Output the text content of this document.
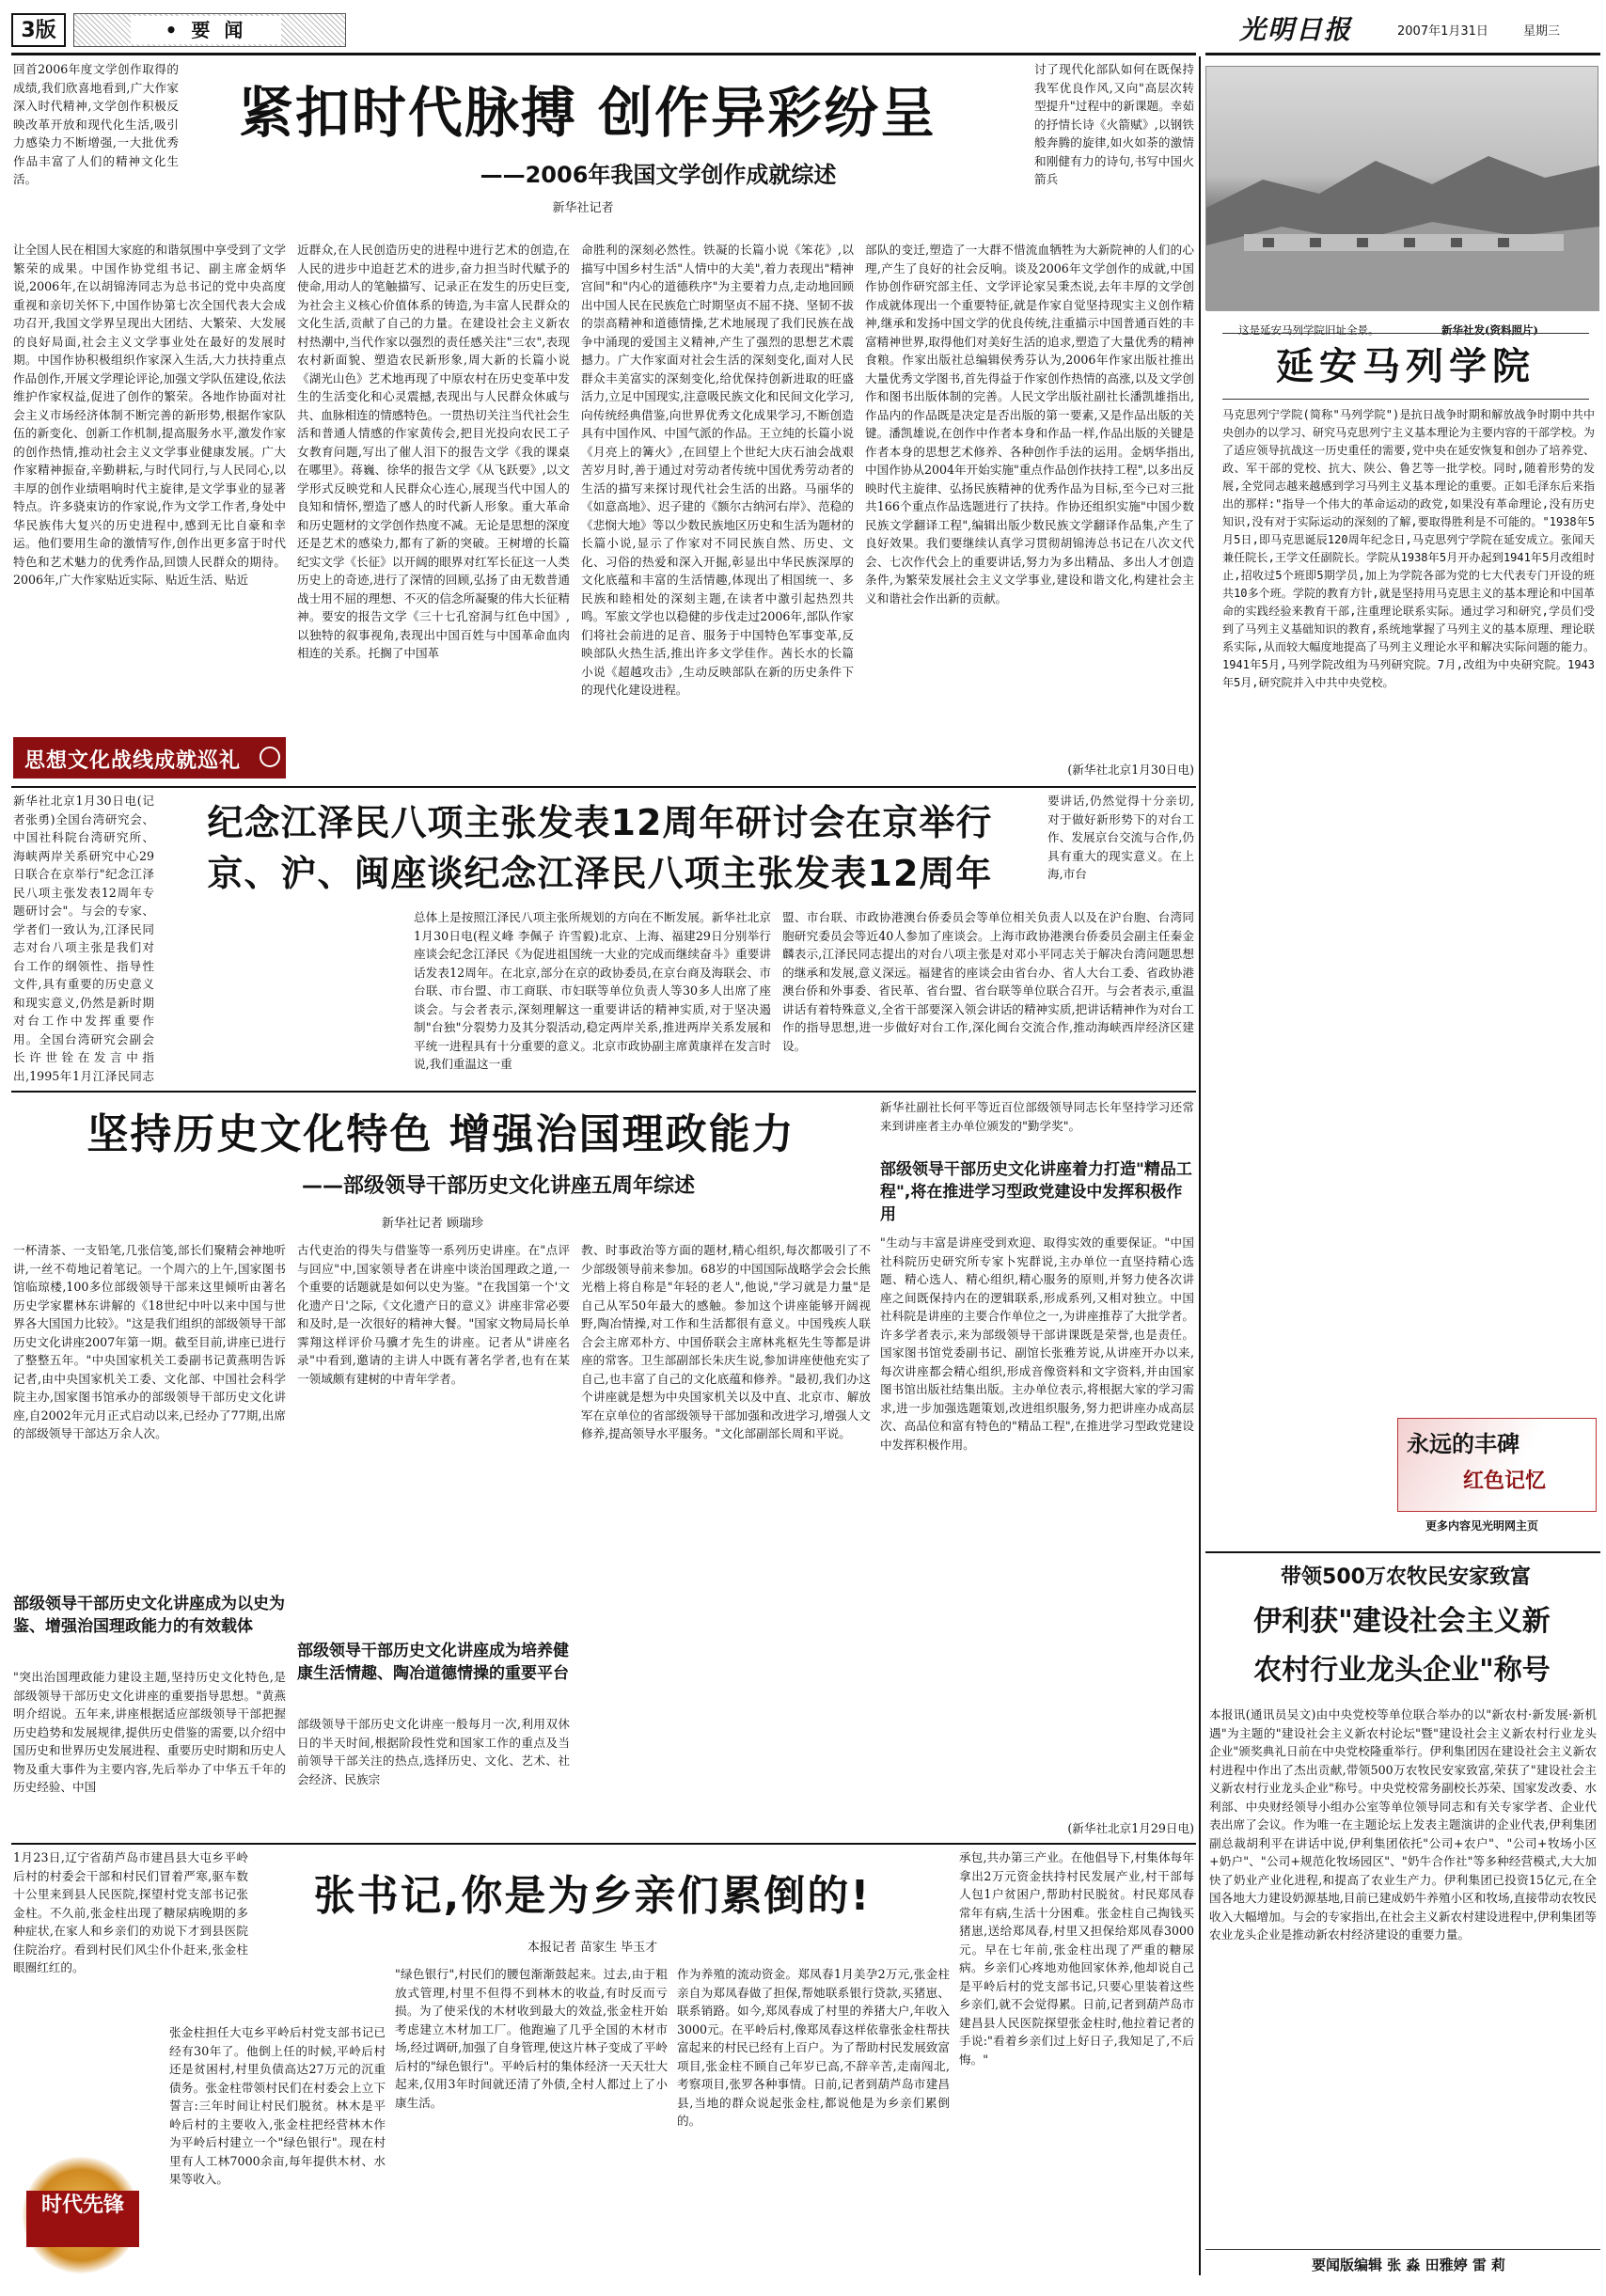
3版	• 要 闻	光明日报	2007年1月31日	星期三
回首2006年度文学创作取得的成绩,我们欣喜地看到,广大作家深入时代精神,文学创作积极反映改革开放和现代化生活,吸引力感染力不断增强,一大批优秀作品丰富了人们的精神文化生活。
紧扣时代脉搏 创作异彩纷呈
——2006年我国文学创作成就综述
新华社记者
讨了现代化部队如何在既保持我军优良作风,又向"高层次转型提升"过程中的新课题。幸茹的抒情长诗《火箭赋》,以钢铁般奔腾的旋律,如火如荼的激情和刚健有力的诗句,书写中国火箭兵
让全国人民在相国大家庭的和谐氛围中享受到了文学繁荣的成果。中国作协党组书记、副主席金炳华说,2006年,在以胡锦涛同志为总书记的党中央高度重视和亲切关怀下,中国作协第七次全国代表大会成功召开,我国文学界呈现出大团结、大繁荣、大发展的良好局面,社会主义文学事业处在最好的发展时期。中国作协积极组织作家深入生活,大力扶持重点作品创作,开展文学理论评论,加强文学队伍建设,依法维护作家权益,促进了创作的繁荣。各地作协面对社会主义市场经济体制不断完善的新形势,根据作家队伍的新变化、创新工作机制,提高服务水平,激发作家的创作热情,推动社会主义文学事业健康发展。广大作家精神振奋,辛勤耕耘,与时代同行,与人民同心,以丰厚的创作业绩唱响时代主旋律,是文学事业的显著特点。许多骁束访的作家说,作为文学工作者,身处中华民族伟大复兴的历史进程中,感到无比自豪和幸运。他们要用生命的激情写作,创作出更多富于时代特色和艺术魅力的优秀作品,回馈人民群众的期待。2006年,广大作家贴近实际、贴近生活、贴近
近群众,在人民创造历史的进程中进行艺术的创造,在人民的进步中追赶艺术的进步,奋力担当时代赋予的使命,用动人的笔触描写、记录正在发生的历史巨变,为社会主义核心价值体系的铸造,为丰富人民群众的文化生活,贡献了自己的力量。在建设社会主义新农村热潮中,当代作家以强烈的责任感关注"三农",表现农村新面貌、塑造农民新形象,周大新的长篇小说《湖光山色》艺术地再现了中原农村在历史变革中发生的生活变化和心灵震撼,表现出与人民群众休戚与共、血脉相连的情感特色。一贯热切关注当代社会生活和普通人情感的作家黄传会,把目光投向农民工子女教育问题,写出了催人泪下的报告文学《我的课桌在哪里》。蒋巍、徐华的报告文学《从飞跃要》,以文学形式反映党和人民群众心连心,展现当代中国人的良知和情怀,塑造了感人的时代新人形象。重大革命和历史题材的文学创作热度不减。无论是思想的深度还是艺术的感染力,都有了新的突破。王树增的长篇纪实文学《长征》以开阔的眼界对红军长征这一人类历史上的奇迹,进行了深情的回顾,弘扬了由无数普通战士用不屈的理想、不灭的信念所凝聚的伟大长征精神。要安的报告文学《三十七孔窑洞与红色中国》,以独特的叙事视角,表现出中国百姓与中国革命血肉相连的关系。托搁了中国革
命胜利的深刻必然性。铁凝的长篇小说《笨花》,以描写中国乡村生活"人情中的大美",着力表现出"精神宫间"和"内心的道德秩序"为主要着力点,走动地回顾出中国人民在民族危亡时期坚贞不屈不挠、坚韧不拔的崇高精神和道德情操,艺术地展现了我们民族在战争中涌现的爱国主义精神,产生了强烈的思想艺术震撼力。广大作家面对社会生活的深刻变化,面对人民群众丰美富实的深刻变化,给优保持创新进取的旺盛活力,立足中国现实,注意吸民族文化和民间文化学习,向传统经典借鉴,向世界优秀文化成果学习,不断创造具有中国作风、中国气派的作品。王立纯的长篇小说《月亮上的篝火》,在回望上个世纪大庆石油会战艰苦岁月时,善于通过对劳动者传统中国优秀劳动者的生活的描写来探讨现代社会生活的出路。马丽华的《如意高地》、迟子建的《额尔古纳河右岸》、范稳的《悲悯大地》等以少数民族地区历史和生活为题材的长篇小说,显示了作家对不同民族自然、历史、文化、习俗的热爱和深入开掘,彰显出中华民族深厚的文化底蕴和丰富的生活情趣,体现出了相国统一、多民族和睦相处的深刻主题,在读者中激引起热烈共鸣。军旅文学也以稳健的步伐走过2006年,部队作家们将社会前进的足音、服务于中国特色军事变革,反映部队火热生活,推出许多文学佳作。茜长水的长篇小说《超越攻击》,生动反映部队在新的历史条件下的现代化建设进程。
部队的变迁,塑造了一大群不惜流血牺牲为大新院神的人们的心理,产生了良好的社会反响。谈及2006年文学创作的成就,中国作协创作研究部主任、文学评论家吴秉杰说,去年丰厚的文学创作成就体现出一个重要特征,就是作家自觉坚持现实主义创作精神,继承和发扬中国文学的优良传统,注重描示中国普通百姓的丰富精神世界,取得他们对美好生活的追求,塑造了大量优秀的精神食粮。作家出版社总编辑侯秀芬认为,2006年作家出版社推出大量优秀文学图书,首先得益于作家创作热情的高涨,以及文学创作和图书出版体制的完善。人民文学出版社副社长潘凯雄指出,作品内的作品既是决定是否出版的第一要素,又是作品出版的关键。潘凯雄说,在创作中作者本身和作品一样,作品出版的关键是作者本身的思想艺术修养、各种创作手法的运用。金炳华指出,中国作协从2004年开始实施"重点作品创作扶持工程",以多出反映时代主旋律、弘扬民族精神的优秀作品为目标,至今已对三批共166个重点作品选题进行了扶持。作协还组织实施"中国少数民族文学翻译工程",编辑出版少数民族文学翻译作品集,产生了良好效果。我们要继续认真学习贯彻胡锦涛总书记在八次文代会、七次作代会上的重要讲话,努力为多出精品、多出人才创造条件,为繁荣发展社会主义文学事业,建设和谐文化,构建社会主义和谐社会作出新的贡献。
(新华社北京1月30日电)
思想文化战线成就巡礼
新华社北京1月30日电(记者张勇)全国台湾研究会、中国社科院台湾研究所、海峡两岸关系研究中心29日联合在京举行"纪念江泽民八项主张发表12周年专题研讨会"。与会的专家、学者们一致认为,江泽民同志对台八项主张是我们对台工作的纲领性、指导性文件,具有重要的历史意义和现实意义,仍然是新时期对台工作中发挥重要作用。全国台湾研究会副会长许世铨在发言中指出,1995年1月江泽民同志
纪念江泽民八项主张发表12周年研讨会在京举行
京、沪、闽座谈纪念江泽民八项主张发表12周年
要讲话,仍然觉得十分亲切,对于做好新形势下的对台工作、发展京台交流与合作,仍具有重大的现实意义。在上海,市台
总体上是按照江泽民八项主张所规划的方向在不断发展。新华社北京1月30日电(程义峰 李佩子 许雪毅)北京、上海、福建29日分别举行座谈会纪念江泽民《为促进祖国统一大业的完成而继续奋斗》重要讲话发表12周年。在北京,部分在京的政协委员,在京台商及海联会、市台联、市台盟、市工商联、市妇联等单位负责人等30多人出席了座谈会。与会者表示,深刻理解这一重要讲话的精神实质,对于坚决遏制"台独"分裂势力及其分裂活动,稳定两岸关系,推进两岸关系发展和平统一进程具有十分重要的意义。北京市政协副主席黄康祥在发言时说,我们重温这一重
盟、市台联、市政协港澳台侨委员会等单位相关负责人以及在沪台胞、台湾同胞研究委员会等近40人参加了座谈会。上海市政协港澳台侨委员会副主任秦金麟表示,江泽民同志提出的对台八项主张是对邓小平同志关于解决台湾问题思想的继承和发展,意义深远。福建省的座谈会由省台办、省人大台工委、省政协港澳台侨和外事委、省民革、省台盟、省台联等单位联合召开。与会者表示,重温讲话有着特殊意义,全省干部要深入领会讲话的精神实质,把讲话精神作为对台工作的指导思想,进一步做好对台工作,深化闽台交流合作,推动海峡西岸经济区建设。
坚持历史文化特色 增强治国理政能力
——部级领导干部历史文化讲座五周年综述
新华社记者 顾瑞珍
一杯清茶、一支铅笔,几张信笺,部长们聚精会神地听讲,一丝不苟地记着笔记。一个周六的上午,国家图书馆临琼楼,100多位部级领导干部来这里倾听由著名历史学家瞿林东讲解的《18世纪中叶以来中国与世界各大国国力比较》。"这是我们组织的部级领导干部历史文化讲座2007年第一期。截至目前,讲座已进行了整整五年。"中央国家机关工委副书记黄燕明告诉记者,由中央国家机关工委、文化部、中国社会科学院主办,国家图书馆承办的部级领导干部历史文化讲座,自2002年元月正式启动以来,已经办了77期,出席的部级领导干部达万余人次。
部级领导干部历史文化讲座成为以史为鉴、增强治国理政能力的有效载体
"突出治国理政能力建设主题,坚持历史文化特色,是部级领导干部历史文化讲座的重要指导思想。"黄燕明介绍说。五年来,讲座根据适应部级领导干部把握历史趋势和发展规律,提供历史借鉴的需要,以介绍中国历史和世界历史发展进程、重要历史时期和历史人物及重大事件为主要内容,先后举办了中华五千年的历史经验、中国
古代吏治的得失与借鉴等一系列历史讲座。在"点评与回应"中,国家领导者在讲座中谈治国理政之道,一个重要的话题就是如何以史为鉴。"在我国第一个'文化遗产日'之际,《文化遗产日的意义》讲座非常必要和及时,是一次很好的精神大餐。"国家文物局局长单霁翔这样评价马骥才先生的讲座。记者从"讲座名录"中看到,邀请的主讲人中既有著名学者,也有在某一领域颇有建树的中青年学者。
部级领导干部历史文化讲座成为培养健康生活情趣、陶冶道德情操的重要平台
部级领导干部历史文化讲座一般每月一次,利用双休日的半天时间,根据阶段性党和国家工作的重点及当前领导干部关注的热点,选择历史、文化、艺术、社会经济、民族宗
教、时事政治等方面的题材,精心组织,每次都吸引了不少部级领导前来参加。68岁的中国国际战略学会会长熊光楷上将自称是"年轻的老人",他说,"学习就是力量"是自己从军50年最大的感触。参加这个讲座能够开阔视野,陶冶情操,对工作和生活都很有意义。中国残疾人联合会主席邓朴方、中国侨联会主席林兆枢先生等都是讲座的常客。卫生部副部长朱庆生说,参加讲座使他充实了自己,也丰富了自己的文化底蕴和修养。"最初,我们办这个讲座就是想为中央国家机关以及中直、北京市、解放军在京单位的省部级领导干部加强和改进学习,增强人文修养,提高领导水平服务。"文化部副部长周和平说。
新华社副社长何平等近百位部级领导同志长年坚持学习还常来到讲座者主办单位颁发的"勤学奖"。
部级领导干部历史文化讲座着力打造"精品工程",将在推进学习型政党建设中发挥积极作用
"生动与丰富是讲座受到欢迎、取得实效的重要保证。"中国社科院历史研究所专家卜宪群说,主办单位一直坚持精心选题、精心选人、精心组织,精心服务的原则,并努力使各次讲座之间既保持内在的逻辑联系,形成系列,又相对独立。中国社科院是讲座的主要合作单位之一,为讲座推荐了大批学者。许多学者表示,来为部级领导干部讲课既是荣誉,也是责任。国家图书馆党委副书记、副馆长张雅芳说,从讲座开办以来,每次讲座都会精心组织,形成音像资料和文字资料,并由国家图书馆出版社结集出版。主办单位表示,将根据大家的学习需求,进一步加强选题策划,改进组织服务,努力把讲座办成高层次、高品位和富有特色的"精品工程",在推进学习型政党建设中发挥积极作用。
(新华社北京1月29日电)
1月23日,辽宁省葫芦岛市建昌县大屯乡平岭后村的村委会干部和村民们冒着严寒,驱车数十公里来到县人民医院,探望村党支部书记张金柱。不久前,张金柱出现了糖尿病晚期的多种症状,在家人和乡亲们的劝说下才到县医院住院治疗。看到村民们风尘仆仆赶来,张金柱眼圈红红的。
张书记,你是为乡亲们累倒的!
本报记者 苗家生 毕玉才
张金柱担任大屯乡平岭后村党支部书记已经有30年了。他倒上任的时候,平岭后村还是贫困村,村里负债高达27万元的沉重债务。张金柱带领村民们在村委会上立下誓言:三年时间让村民们脱贫。林木是平岭后村的主要收入,张金柱把经营林木作为平岭后村建立一个"绿色银行"。现在村里有人工林7000余亩,每年提供木材、水果等收入。
"绿色银行",村民们的腰包渐渐鼓起来。过去,由于粗放式管理,村里不但得不到林木的收益,有时反而亏损。为了使采伐的木材收到最大的效益,张金柱开始考虑建立木材加工厂。他跑遍了几乎全国的木材市场,经过调研,加强了自身管理,使这片林子变成了平岭后村的"绿色银行"。平岭后村的集体经济一天天壮大起来,仅用3年时间就还清了外债,全村人都过上了小康生活。
作为养殖的流动资金。郑凤春1月美孕2万元,张金柱亲自为郑凤春做了担保,帮她联系银行贷款,买猪崽、联系销路。如今,郑凤春成了村里的养猪大户,年收入3000元。在平岭后村,像郑凤春这样依靠张金柱帮扶富起来的村民已经有上百户。为了帮助村民发展致富项目,张金柱不顾自己年岁已高,不辞辛苦,走南闯北,考察项目,张罗各种事情。日前,记者到葫芦岛市建昌县,当地的群众说起张金柱,都说他是为乡亲们累倒的。
承包,共办第三产业。在他倡导下,村集体每年拿出2万元资金扶持村民发展产业,村干部每人包1户贫困户,帮助村民脱贫。村民郑凤春常年有病,生活十分困难。张金柱自己掏钱买猪崽,送给郑凤春,村里又担保给郑凤春3000元。早在七年前,张金柱出现了严重的糖尿病。乡亲们心疼地劝他回家休养,他却说自己是平岭后村的党支部书记,只要心里装着这些乡亲们,就不会觉得累。日前,记者到葫芦岛市建昌县人民医院探望张金柱时,他拉着记者的手说:"看着乡亲们过上好日子,我知足了,不后悔。"
时代先锋
这是延安马列学院旧址全景。	新华社发(资料照片)
延安马列学院
马克思列宁学院(简称"马列学院")是抗日战争时期和解放战争时期中共中央创办的以学习、研究马克思列宁主义基本理论为主要内容的干部学校。为了适应领导抗战这一历史重任的需要,党中央在延安恢复和创办了培养党、政、军干部的党校、抗大、陕公、鲁艺等一批学校。同时,随着形势的发展,全党同志越来越感到学习马列主义基本理论的重要。正如毛泽东后来指出的那样:"指导一个伟大的革命运动的政党,如果没有革命理论,没有历史知识,没有对于实际运动的深刻的了解,要取得胜利是不可能的。"1938年5月5日,即马克思诞辰120周年纪念日,马克思列宁学院在延安成立。张闻天兼任院长,王学文任副院长。学院从1938年5月开办起到1941年5月改组时止,招收过5个班即5期学员,加上为学院各部为党的七大代表专门开设的班共10多个班。学院的教育方针,就是坚持用马克思主义的基本理论和中国革命的实践经验来教育干部,注重理论联系实际。通过学习和研究,学员们受到了马列主义基础知识的教育,系统地掌握了马列主义的基本原理、理论联系实际,从而较大幅度地提高了马列主义理论水平和解决实际问题的能力。1941年5月,马列学院改组为马列研究院。7月,改组为中央研究院。1943年5月,研究院并入中共中央党校。
永远的丰碑
红色记忆
更多内容见光明网主页
带领500万农牧民安家致富
伊利获"建设社会主义新
农村行业龙头企业"称号
本报讯(通讯员吴文)由中央党校等单位联合举办的以"新农村·新发展·新机遇"为主题的"建设社会主义新农村论坛"暨"建设社会主义新农村行业龙头企业"颁奖典礼日前在中央党校隆重举行。伊利集团因在建设社会主义新农村进程中作出了杰出贡献,带领500万农牧民安家致富,荣获了"建设社会主义新农村行业龙头企业"称号。中央党校常务副校长苏荣、国家发改委、水利部、中央财经领导小组办公室等单位领导同志和有关专家学者、企业代表出席了会议。作为唯一在主题论坛上发表主题演讲的企业代表,伊利集团副总裁胡利平在讲话中说,伊利集团依托"公司+农户"、"公司+牧场小区+奶户"、"公司+规范化牧场园区"、"奶牛合作社"等多种经营模式,大大加快了奶业产业化进程,和提高了农业生产力。伊利集团已投资15亿元,在全国各地大力建设奶源基地,目前已建成奶牛养殖小区和牧场,直接带动农牧民收入大幅增加。与会的专家指出,在社会主义新农村建设进程中,伊利集团等农业龙头企业是推动新农村经济建设的重要力量。
要闻版编辑 张 淼 田雅婷 雷 莉
